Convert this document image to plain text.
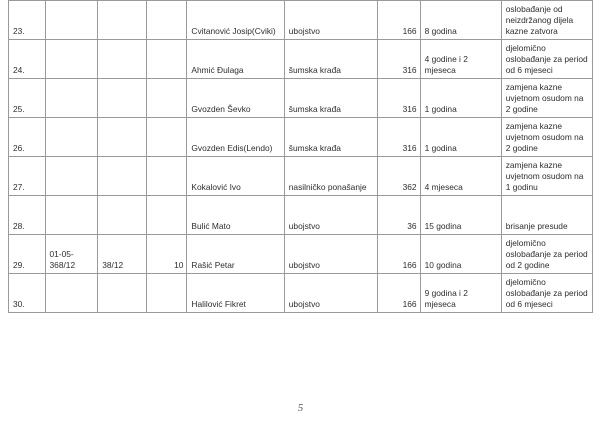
23.				Cvitanović Josip(Cviki)	ubojstvo	166	8 godina	oslobađanje od neizdržanog dijela kazne zatvora
24.				Ahmić Đulaga	šumska krađa	316	4 godine i 2 mjeseca	djelomično oslobađanje za period od 6 mjeseci
25.				Gvozden Ševko	šumska krađa	316	1 godina	zamjena kazne uvjetnom osudom na 2 godine
26.				Gvozden Edis(Lendo)	šumska krađa	316	1 godina	zamjena kazne uvjetnom osudom na 2 godine
27.				Kokalović Ivo	nasilničko ponašanje	362	4 mjeseca	zamjena kazne uvjetnom osudom na 1 godinu
28.				Bulić Mato	ubojstvo	36	15 godina	brisanje presude
29.	01-05-368/12	38/12	10	Rašić Petar	ubojstvo	166	10 godina	djelomično oslobađanje za period od 2 godine
30.				Halilović Fikret	ubojstvo	166	9 godina i 2 mjeseca	djelomično oslobađanje za period od 6 mjeseci
5
